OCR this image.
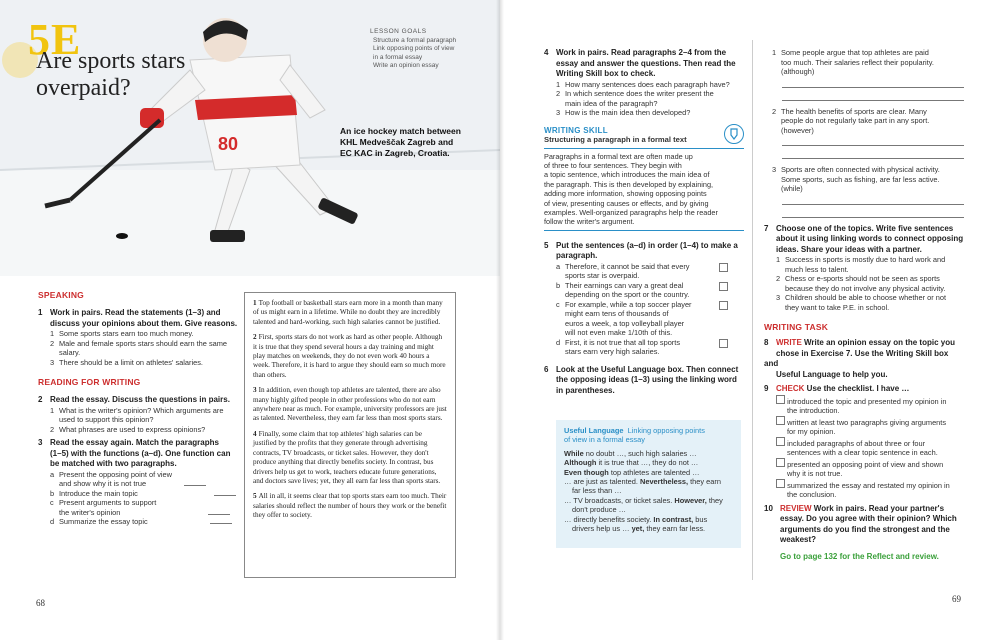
80
5E
Are sports stars
overpaid?
LESSON GOALS
Structure a formal paragraph
Link opposing points of view
in a formal essay
Write an opinion essay
An ice hockey match between
KHL Medveščak Zagreb and
EC KAC in Zagreb, Croatia.
SPEAKING
1 Work in pairs. Read the statements (1–3) and
discuss your opinions about them. Give reasons.
1 Some sports stars earn too much money.
2 Male and female sports stars should earn the same
salary.
3 There should be a limit on athletes' salaries.
READING FOR WRITING
2 Read the essay. Discuss the questions in pairs.
1 What is the writer's opinion? Which arguments are
used to support this opinion?
2 What phrases are used to express opinions?
3 Read the essay again. Match the paragraphs
(1–5) with the functions (a–d). One function can
be matched with two paragraphs.
a Present the opposing point of view
and show why it is not true
b Introduce the main topic
c Present arguments to support
the writer's opinion
d Summarize the essay topic

1 Top football or basketball stars earn more in a month than many of us might earn in a lifetime. While no doubt they are incredibly talented and hard-working, such high salaries cannot be justified.

2 First, sports stars do not work as hard as other people. Although it is true that they spend several hours a day training and might play matches on weekends, they do not even work 40 hours a week. Therefore, it is hard to argue they should earn so much more than others.

3 In addition, even though top athletes are talented, there are also many highly gifted people in other professions who do not earn anywhere near as much. For example, university professors are just as talented. Nevertheless, they earn far less than most sports stars.

4 Finally, some claim that top athletes' high salaries can be justified by the profits that they generate through advertising contracts, TV broadcasts, or ticket sales. However, they don't produce anything that directly benefits society. In contrast, bus drivers help us get to work, teachers educate future generations, and doctors save lives; yet, they all earn far less than sports stars.

5 All in all, it seems clear that top sports stars earn too much. Their salaries should reflect the number of hours they work or the benefit they offer to society.

68
4 Work in pairs. Read paragraphs 2–4 from the
essay and answer the questions. Then read the
Writing Skill box to check.
1 How many sentences does each paragraph have?
2 In which sentence does the writer present the
main idea of the paragraph?
3 How is the main idea then developed?
WRITING SKILL
Structuring a paragraph in a formal text
Paragraphs in a formal text are often made up
of three to four sentences. They begin with
a topic sentence, which introduces the main idea of
the paragraph. This is then developed by explaining,
adding more information, showing opposing points
of view, presenting causes or effects, and by giving
examples. Well-organized paragraphs help the reader
follow the writer's argument.
5 Put the sentences (a–d) in order (1–4) to make a
paragraph.
a Therefore, it cannot be said that every
sports star is overpaid.
b Their earnings can vary a great deal
depending on the sport or the country.
c For example, while a top soccer player
might earn tens of thousands of
euros a week, a top volleyball player
will not even make 1/10th of this.
d First, it is not true that all top sports
stars earn very high salaries.
6 Look at the Useful Language box. Then connect
the opposing ideas (1–3) using the linking word
in parentheses.
Useful Language Linking opposing points
of view in a formal essay
While no doubt …, such high salaries …
Although it is true that …, they do not …
Even though top athletes are talented …
… are just as talented. Nevertheless, they earn
far less than …
… TV broadcasts, or ticket sales. However, they
don't produce …
… directly benefits society. In contrast, bus
drivers help us … yet, they earn far less.
1 Some people argue that top athletes are paid
too much. Their salaries reflect their popularity.
(although)
2 The health benefits of sports are clear. Many
people do not regularly take part in any sport.
(however)
3 Sports are often connected with physical activity.
Some sports, such as fishing, are far less active.
(while)
7 Choose one of the topics. Write five sentences
about it using linking words to connect opposing
ideas. Share your ideas with a partner.
1 Success in sports is mostly due to hard work and
much less to talent.
2 Chess or e-sports should not be seen as sports
because they do not involve any physical activity.
3 Children should be able to choose whether or not
they want to take P.E. in school.
WRITING TASK
8 WRITE Write an opinion essay on the topic you
chose in Exercise 7. Use the Writing Skill box and
Useful Language to help you.
9 CHECK Use the checklist. I have …
introduced the topic and presented my opinion in
the introduction.
written at least two paragraphs giving arguments
for my opinion.
included paragraphs of about three or four
sentences with a clear topic sentence in each.
presented an opposing point of view and shown
why it is not true.
summarized the essay and restated my opinion in
the conclusion.
10 REVIEW Work in pairs. Read your partner's
essay. Do you agree with their opinion? Which
arguments do you find the strongest and the
weakest?
Go to page 132 for the Reflect and review.
69
